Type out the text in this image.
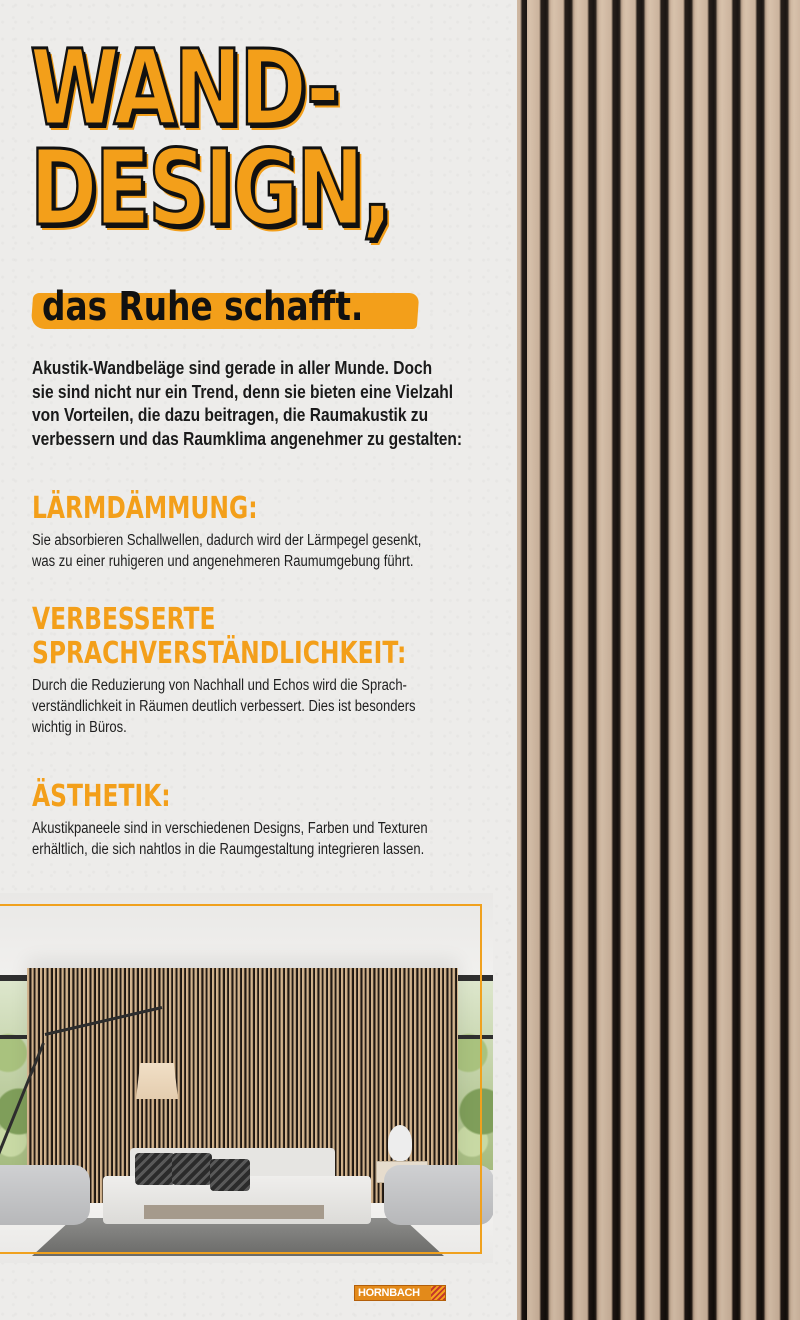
WAND-
DESIGN,
das Ruhe schafft.
Akustik-Wandbeläge sind gerade in aller Munde. Doch
sie sind nicht nur ein Trend, denn sie bieten eine Vielzahl
von Vorteilen, die dazu beitragen, die Raumakustik zu
verbessern und das Raumklima angenehmer zu gestalten:
LÄRMDÄMMUNG:
Sie absorbieren Schallwellen, dadurch wird der Lärmpegel gesenkt,
was zu einer ruhigeren und angenehmeren Raumumgebung führt.
VERBESSERTE
SPRACHVERSTÄNDLICHKEIT:
Durch die Reduzierung von Nachhall und Echos wird die Sprach-
verständlichkeit in Räumen deutlich verbessert. Dies ist besonders
wichtig in Büros.
ÄSTHETIK:
Akustikpaneele sind in verschiedenen Designs, Farben und Texturen
erhältlich, die sich nahtlos in die Raumgestaltung integrieren lassen.
HORNBACH
